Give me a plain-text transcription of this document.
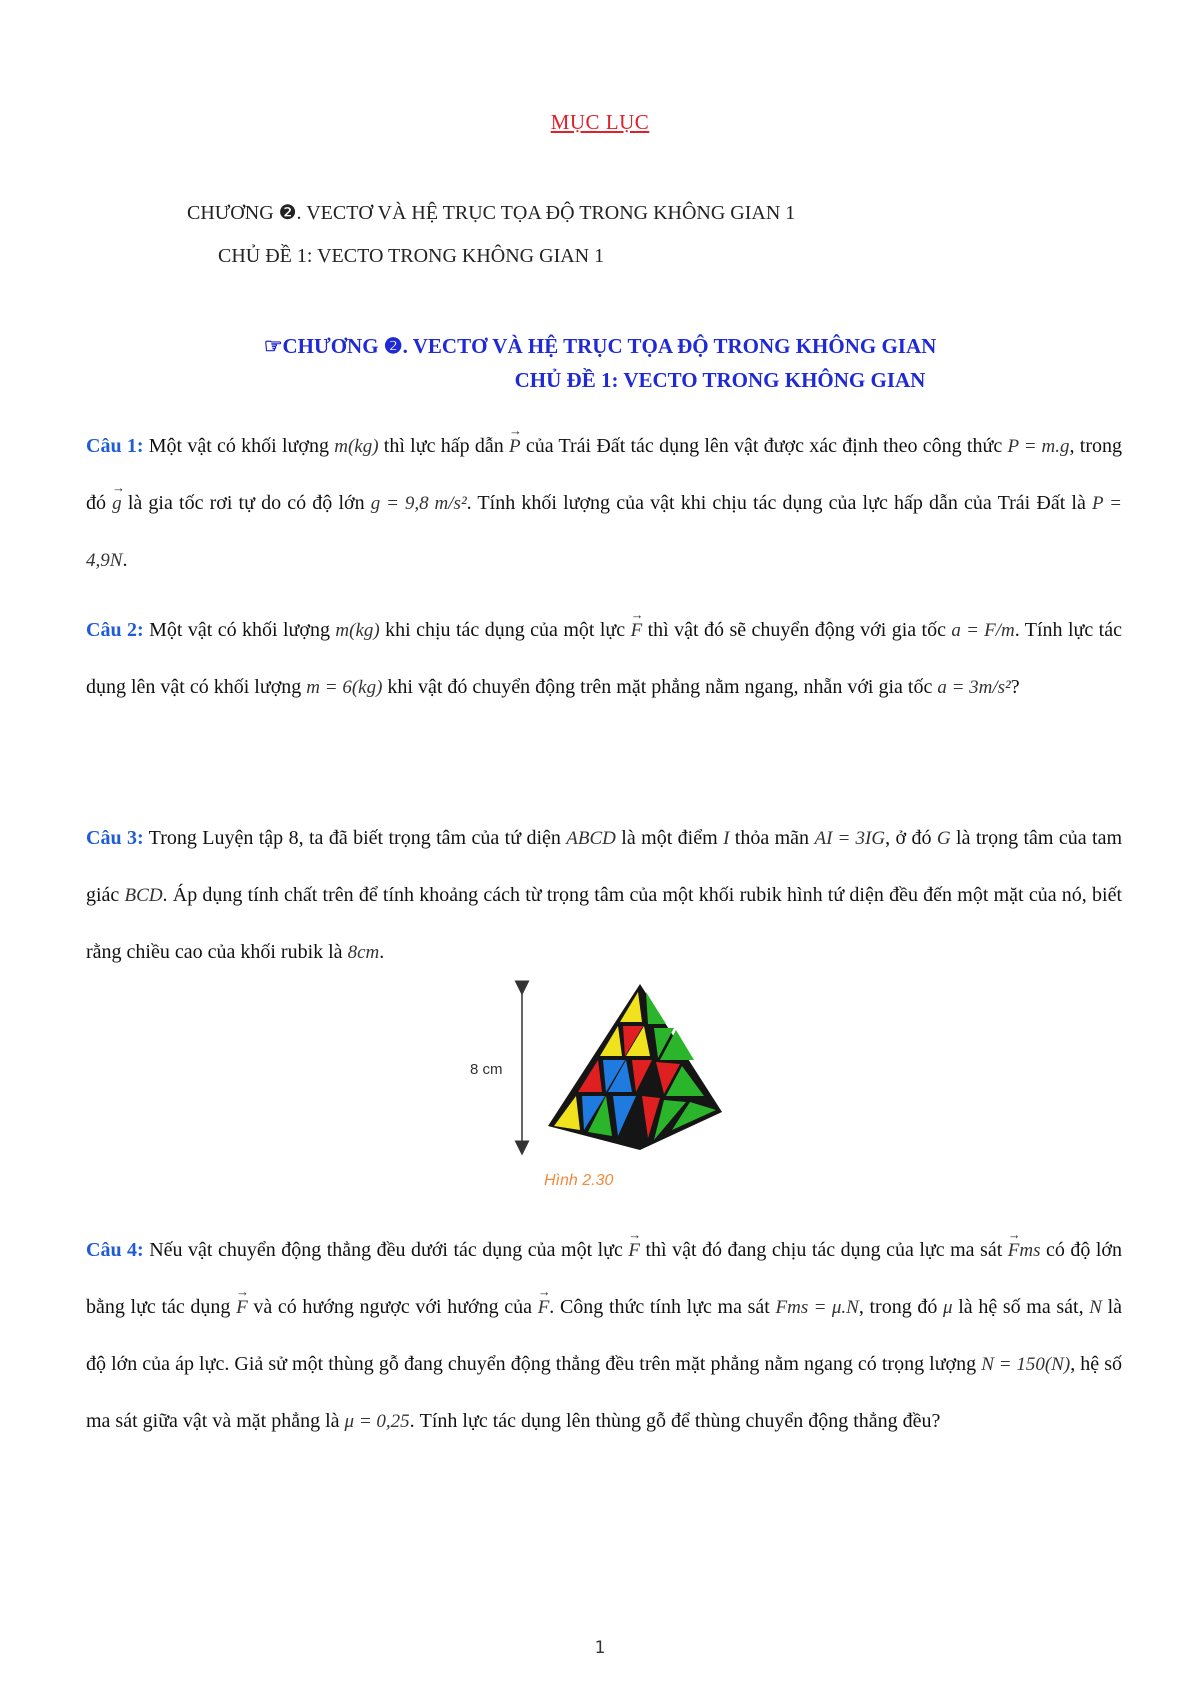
MỤC LỤC
CHƯƠNG ❷. VECTƠ VÀ HỆ TRỤC TỌA ĐỘ TRONG KHÔNG GIAN 1
CHỦ ĐỀ 1: VECTO TRONG KHÔNG GIAN 1
☞CHƯƠNG ❷. VECTƠ VÀ HỆ TRỤC TỌA ĐỘ TRONG KHÔNG GIAN
CHỦ ĐỀ 1: VECTO TRONG KHÔNG GIAN
Câu 1: Một vật có khối lượng m(kg) thì lực hấp dẫn → P của Trái Đất tác dụng lên vật được xác định theo công thức P = m.g, trong đó → g là gia tốc rơi tự do có độ lớn g = 9,8 m/s². Tính khối lượng của vật khi chịu tác dụng của lực hấp dẫn của Trái Đất là P = 4,9N.
Câu 2: Một vật có khối lượng m(kg) khi chịu tác dụng của một lực → F thì vật đó sẽ chuyển động với gia tốc a = F/m. Tính lực tác dụng lên vật có khối lượng m = 6(kg) khi vật đó chuyển động trên mặt phẳng nằm ngang, nhẵn với gia tốc a = 3m/s²?
Câu 3: Trong Luyện tập 8, ta đã biết trọng tâm của tứ diện ABCD là một điểm I thỏa mãn AI = 3IG, ở đó G là trọng tâm của tam giác BCD. Áp dụng tính chất trên để tính khoảng cách từ trọng tâm của một khối rubik hình tứ diện đều đến một mặt của nó, biết rằng chiều cao của khối rubik là 8cm.
8 cm
Hình 2.30
Câu 4: Nếu vật chuyển động thẳng đều dưới tác dụng của một lực → F thì vật đó đang chịu tác dụng của lực ma sát → Fms có độ lớn bằng lực tác dụng → F và có hướng ngược với hướng của → F. Công thức tính lực ma sát Fms = μ.N, trong đó μ là hệ số ma sát, N là độ lớn của áp lực. Giả sử một thùng gỗ đang chuyển động thẳng đều trên mặt phẳng nằm ngang có trọng lượng N = 150(N), hệ số ma sát giữa vật và mặt phẳng là μ = 0,25. Tính lực tác dụng lên thùng gỗ để thùng chuyển động thẳng đều?
1
